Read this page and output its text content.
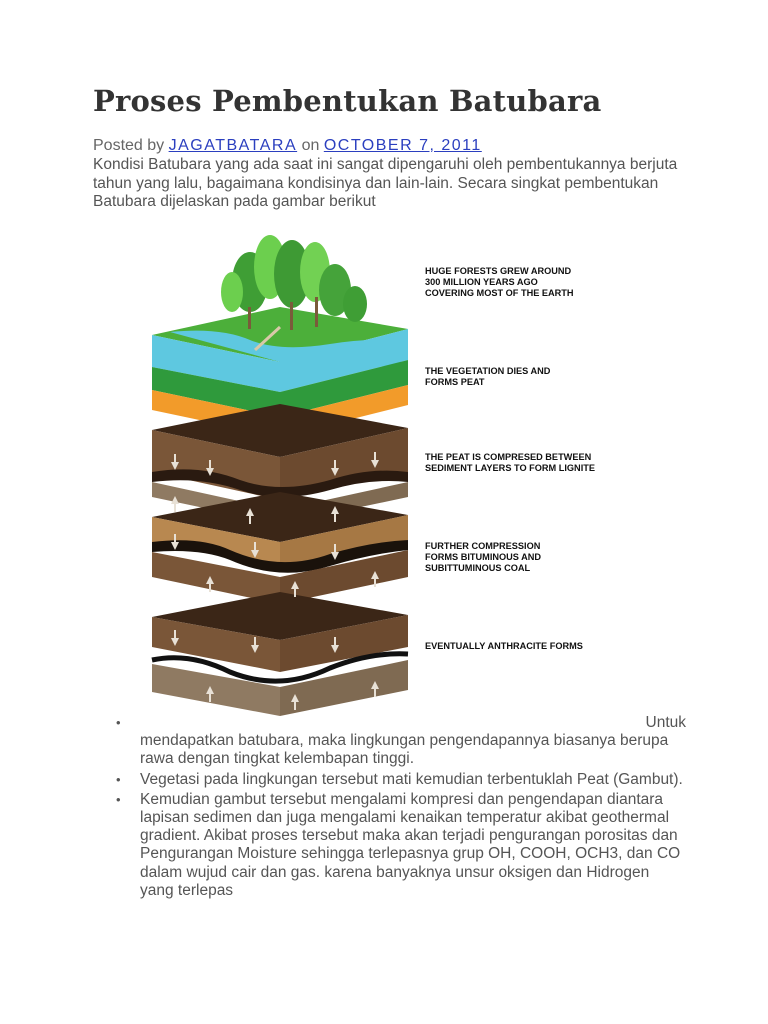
Proses Pembentukan Batubara
Posted by JAGATBATARA on OCTOBER 7, 2011

Kondisi Batubara yang ada saat ini sangat dipengaruhi oleh pembentukannya berjuta tahun yang lalu, bagaimana kondisinya dan lain-lain. Secara singkat pembentukan Batubara dijelaskan pada gambar berikut

HUGE FORESTS GREW AROUND 300 MILLION YEARS AGO COVERING MOST OF THE EARTH
THE VEGETATION DIES AND FORMS PEAT
THE PEAT IS COMPRESED BETWEEN SEDIMENT LAYERS TO FORM LIGNITE
FURTHER COMPRESSION FORMS BITUMINOUS AND SUBITTUMINOUS COAL
EVENTUALLY ANTHRACITE FORMS
• Untuk
mendapatkan batubara, maka lingkungan pengendapannya biasanya berupa rawa dengan tingkat kelembapan tinggi.
• Vegetasi pada lingkungan tersebut mati kemudian terbentuklah Peat (Gambut).
• Kemudian gambut tersebut mengalami kompresi dan pengendapan diantara lapisan sedimen dan juga mengalami kenaikan temperatur akibat geothermal gradient. Akibat proses tersebut maka akan terjadi pengurangan porositas dan Pengurangan Moisture sehingga terlepasnya grup OH, COOH, OCH3, dan CO dalam wujud cair dan gas. karena banyaknya unsur oksigen dan Hidrogen yang terlepas
